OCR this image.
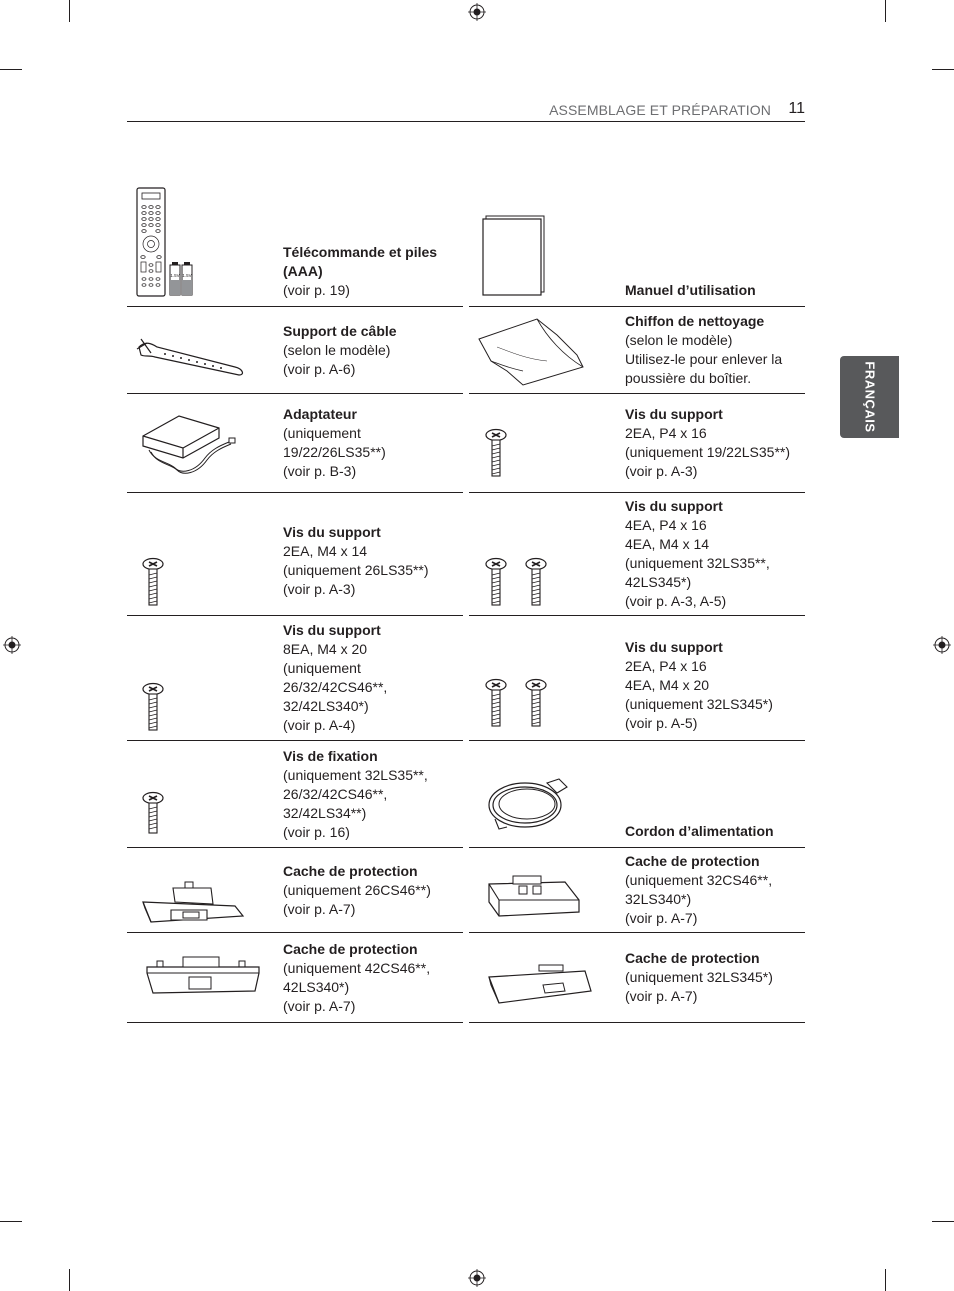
ASSEMBLAGE ET PRÉPARATION 11
FRANÇAIS
1.5V 1.5V
Télécommande et piles (AAA)
(voir p. 19)	Manuel d’utilisation
Support de câble
(selon le modèle)
(voir p. A-6)
Chiffon de nettoyage
(selon le modèle)
Utilisez-le pour enlever la poussière du boîtier.
Adaptateur
(uniquement
19/22/26LS35**)
(voir p. B-3)
Vis du support
2EA, P4 x 16
(uniquement 19/22LS35**)
(voir p. A-3)
Vis du support
2EA, M4 x 14
(uniquement 26LS35**)
(voir p. A-3)
Vis du support
4EA, P4 x 16
4EA, M4 x 14
(uniquement 32LS35**,
42LS345*)
(voir p. A-3, A-5)
Vis du support
8EA, M4 x 20
(uniquement
26/32/42CS46**,
32/42LS340*)
(voir p. A-4)
Vis du support
2EA, P4 x 16
4EA, M4 x 20
(uniquement 32LS345*)
(voir p. A-5)
Vis de fixation
(uniquement 32LS35**,
26/32/42CS46**,
32/42LS34**)
(voir p. 16)	Cordon d’alimentation
Cache de protection
(uniquement 26CS46**)
(voir p. A-7)
Cache de protection
(uniquement 32CS46**,
32LS340*)
(voir p. A-7)
Cache de protection
(uniquement 42CS46**,
42LS340*)
(voir p. A-7)
Cache de protection
(uniquement 32LS345*)
(voir p. A-7)
